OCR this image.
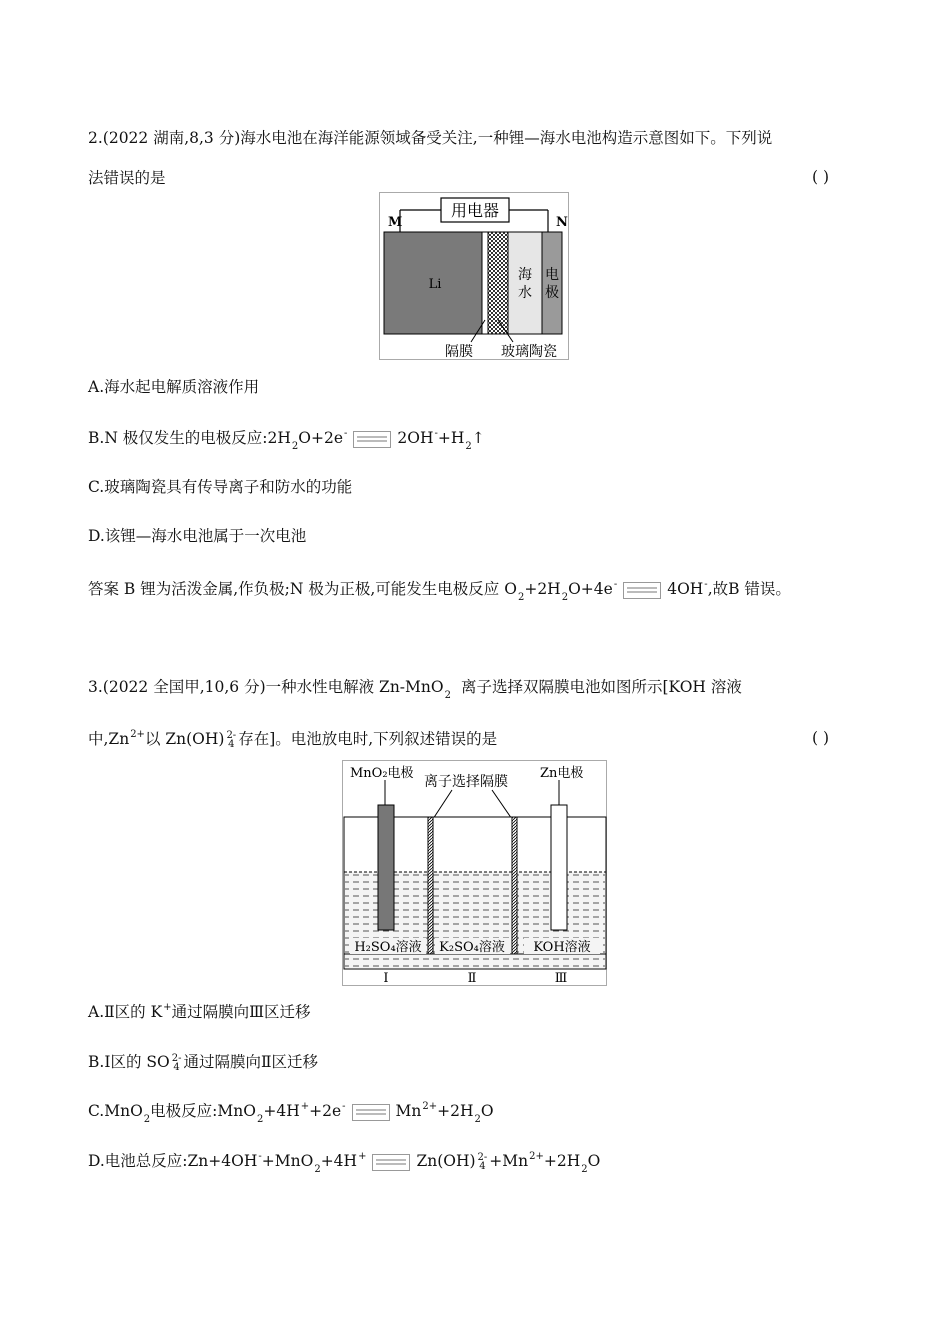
2.(2022 湖南,8,3 分)海水电池在海洋能源领域备受关注,一种锂—海水电池构造示意图如下。下列说
法错误的是	( )
用电器
M	N
Li
海
水
电
极
隔膜 玻璃陶瓷
A.海水起电解质溶液作用
B.N 极仅发生的电极反应$:2H_2O+2e^-$	$2OH^-+H_2↑$
C.玻璃陶瓷具有传导离子和防水的功能
D.该锂—海水电池属于一次电池
答案 B 锂为活泼金属,作负极;N 极为正极,可能发生电极反应 $O_2+2H_2O+4e^-$	4OH-,故B 错误。
3.(2022 全国甲,10,6 分)一种水性电解液 Zn-MnO$_2$ 离子选择双隔膜电池如图所示[KOH 溶液
中$,Zn^{2+}$以 Zn(OH) 2-
4 存在]。电池放电时,下列叙述错误的是	( )
MnO₂电极
离子选择隔膜
Zn电极
H₂SO₄溶液 K₂SO₄溶液 KOH溶液
Ⅰ	Ⅱ	Ⅲ
A.Ⅱ区的 K+通过隔膜向Ⅲ区迁移
B.Ⅰ区的 SO 2-
4 通过隔膜向Ⅱ区迁移
C.MnO$_2$电极反应:MnO$_2$+4H++2e-	$Mn^{2+}+2H_2O$
D.电池总反应:Zn+4OH-+MnO$_2$+4H+	Zn(OH) 2-
$4 +Mn^{2+}+2H_2O$
